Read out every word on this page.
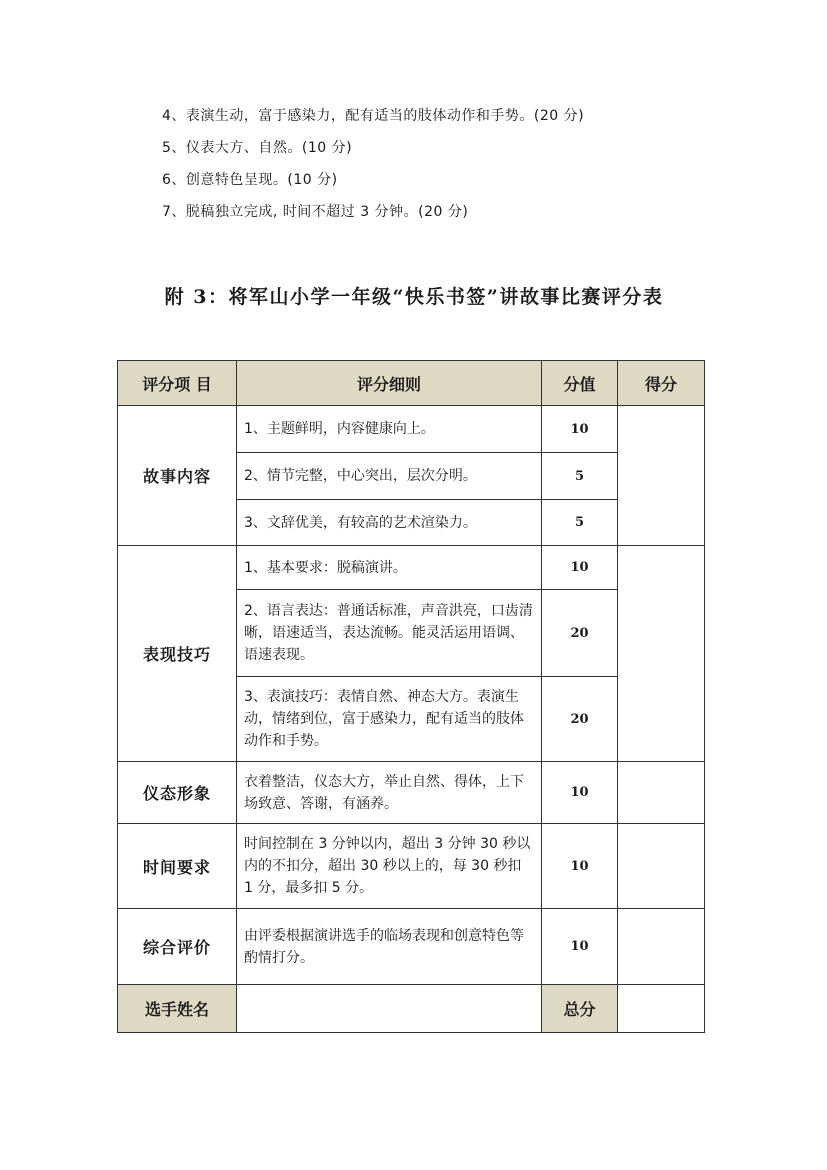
4、表演生动，富于感染力，配有适当的肢体动作和手势。(20 分)
5、仪表大方、自然。(10 分)
6、创意特色呈现。(10 分)
7、脱稿独立完成, 时间不超过 3 分钟。(20 分)
附 3：将军山小学一年级“快乐书签”讲故事比赛评分表
评分项 目	评分细则	分值	得分
故事内容	1、主题鲜明，内容健康向上。	10	
	2、情节完整，中心突出，层次分明。	5	
	3、文辞优美，有较高的艺术渲染力。	5	
表现技巧	1、基本要求：脱稿演讲。	10	
	2、语言表达：普通话标准，声音洪亮，口齿清晰，语速适当，表达流畅。能灵活运用语调、语速表现。	20	
	3、表演技巧：表情自然、神态大方。表演生动，情绪到位，富于感染力，配有适当的肢体动作和手势。	20	
仪态形象	衣着整洁，仪态大方，举止自然、得体，上下场致意、答谢，有涵养。	10	
时间要求	时间控制在 3 分钟以内，超出 3 分钟 30 秒以内的不扣分，超出 30 秒以上的，每 30 秒扣 1 分，最多扣 5 分。	10	
综合评价	由评委根据演讲选手的临场表现和创意特色等酌情打分。	10	
选手姓名		总分	
